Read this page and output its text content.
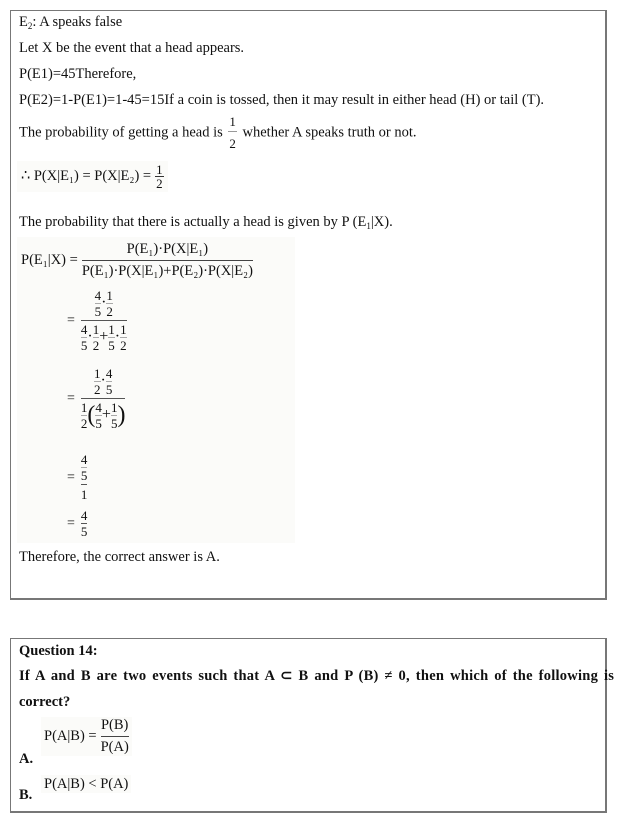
$E_2$: A speaks false
Let X be the event that a head appears.
P(E1)=45Therefore,
P(E2)=1-P(E1)=1-45=15If a coin is tossed, then it may result in either head (H) or tail (T).
The probability of getting a head is $\frac{1}{2}$ whether A speaks truth or not.
∴ $P(X|E_1) = P(X|E_2) = \frac{1}{2}$
The probability that there is actually a head is given by P $(E_1|X)$.
$P(E_1|X) = \frac{\text{P(E₁)·P(X|E₁)}}{\text{P(E₁)·P(X|E₁)+P(E₂)·P(X|E₂)}}$
= $\frac{\frac{4}{5} \cdot \frac{1}{2}}{\frac{4}{5} \cdot \frac{1}{2} + \frac{1}{5} \cdot \frac{1}{2}}$
= $\frac{\frac{1}{2} \cdot \frac{4}{5}}{\frac{1}{2} ( \frac{4}{5} + \frac{1}{5} )}$
= $\frac{\frac{4}{5}}{1}$
= $\frac{4}{5}$
Therefore, the correct answer is A.
Question 14:
If A and B are two events such that A ⊂ B and P (B) ≠ 0, then which of the following is
correct?
A.
$P(A|B) = \frac{P(B)}{P(A)}$
B.
P(A|B) < P(A)
